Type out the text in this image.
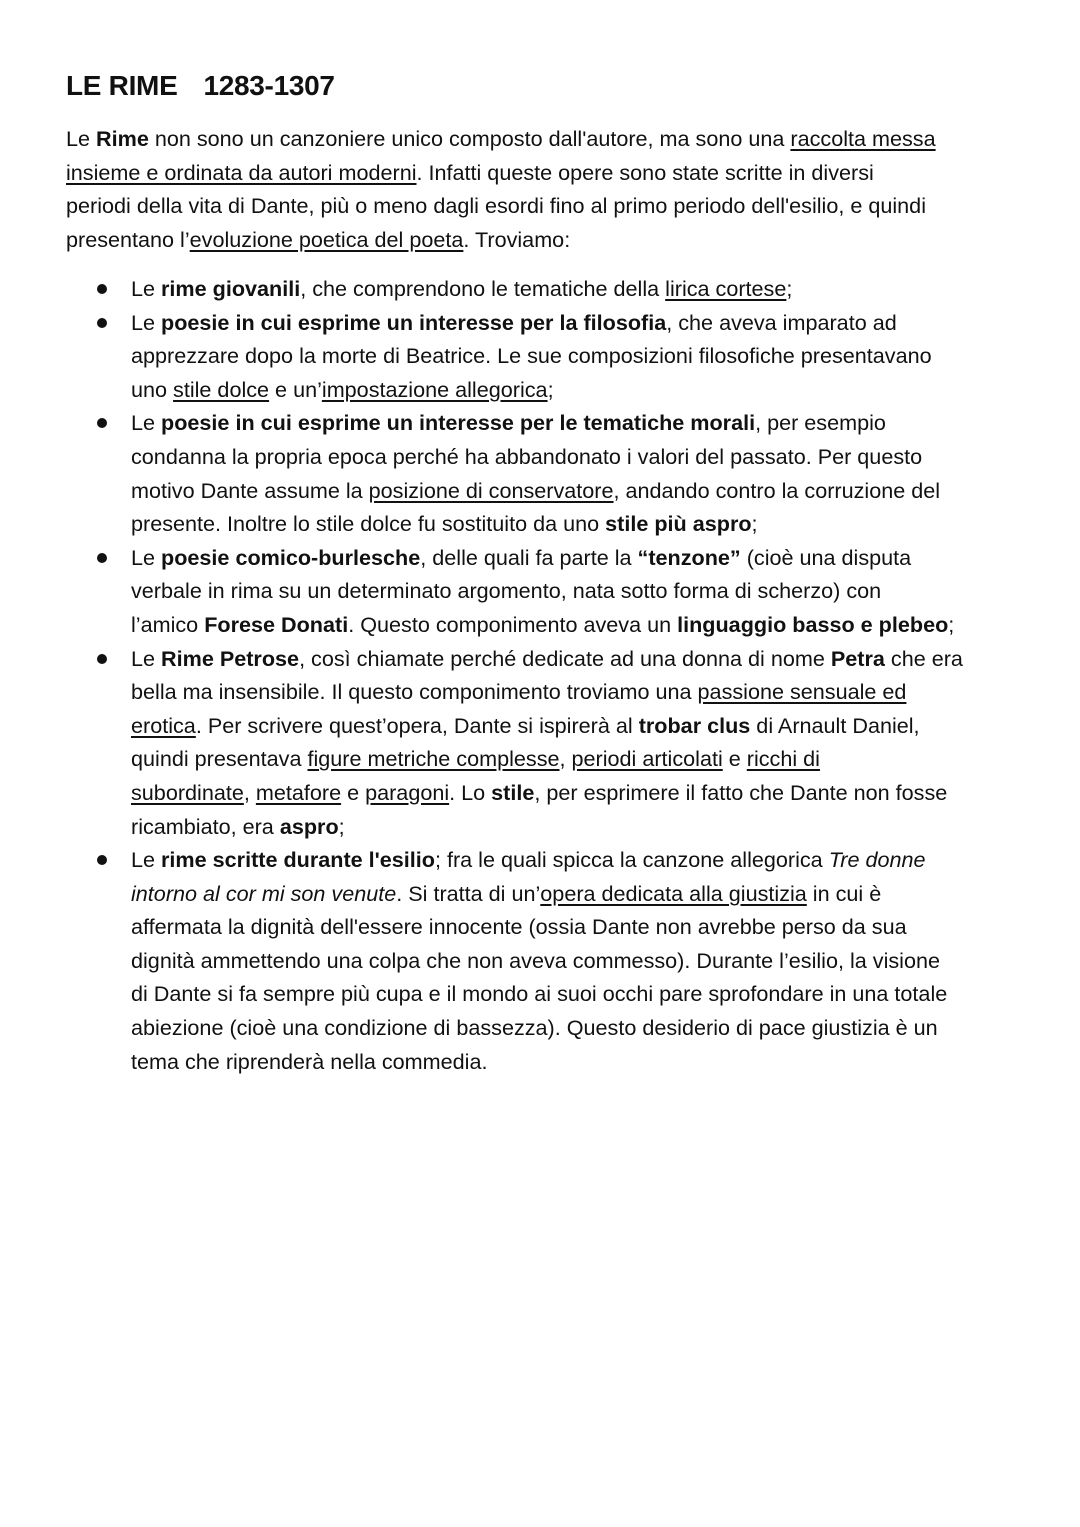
LE RIME 1283-1307

Le Rime non sono un canzoniere unico composto dall'autore, ma sono una raccolta messa
insieme e ordinata da autori moderni. Infatti queste opere sono state scritte in diversi
periodi della vita di Dante, più o meno dagli esordi fino al primo periodo dell'esilio, e quindi
presentano l’evoluzione poetica del poeta. Troviamo:

Le rime giovanili, che comprendono le tematiche della lirica cortese;
Le poesie in cui esprime un interesse per la filosofia, che aveva imparato ad
apprezzare dopo la morte di Beatrice. Le sue composizioni filosofiche presentavano
uno stile dolce e un’impostazione allegorica;
Le poesie in cui esprime un interesse per le tematiche morali, per esempio
condanna la propria epoca perché ha abbandonato i valori del passato. Per questo
motivo Dante assume la posizione di conservatore, andando contro la corruzione del
presente. Inoltre lo stile dolce fu sostituito da uno stile più aspro;
Le poesie comico-burlesche, delle quali fa parte la “tenzone” (cioè una disputa
verbale in rima su un determinato argomento, nata sotto forma di scherzo) con
l’amico Forese Donati. Questo componimento aveva un linguaggio basso e plebeo;
Le Rime Petrose, così chiamate perché dedicate ad una donna di nome Petra che era
bella ma insensibile. Il questo componimento troviamo una passione sensuale ed
erotica. Per scrivere quest’opera, Dante si ispirerà al trobar clus di Arnault Daniel,
quindi presentava figure metriche complesse, periodi articolati e ricchi di
subordinate, metafore e paragoni. Lo stile, per esprimere il fatto che Dante non fosse
ricambiato, era aspro;
Le rime scritte durante l'esilio; fra le quali spicca la canzone allegorica Tre donne
intorno al cor mi son venute. Si tratta di un’opera dedicata alla giustizia in cui è
affermata la dignità dell'essere innocente (ossia Dante non avrebbe perso da sua
dignità ammettendo una colpa che non aveva commesso). Durante l’esilio, la visione
di Dante si fa sempre più cupa e il mondo ai suoi occhi pare sprofondare in una totale
abiezione (cioè una condizione di bassezza). Questo desiderio di pace giustizia è un
tema che riprenderà nella commedia.
